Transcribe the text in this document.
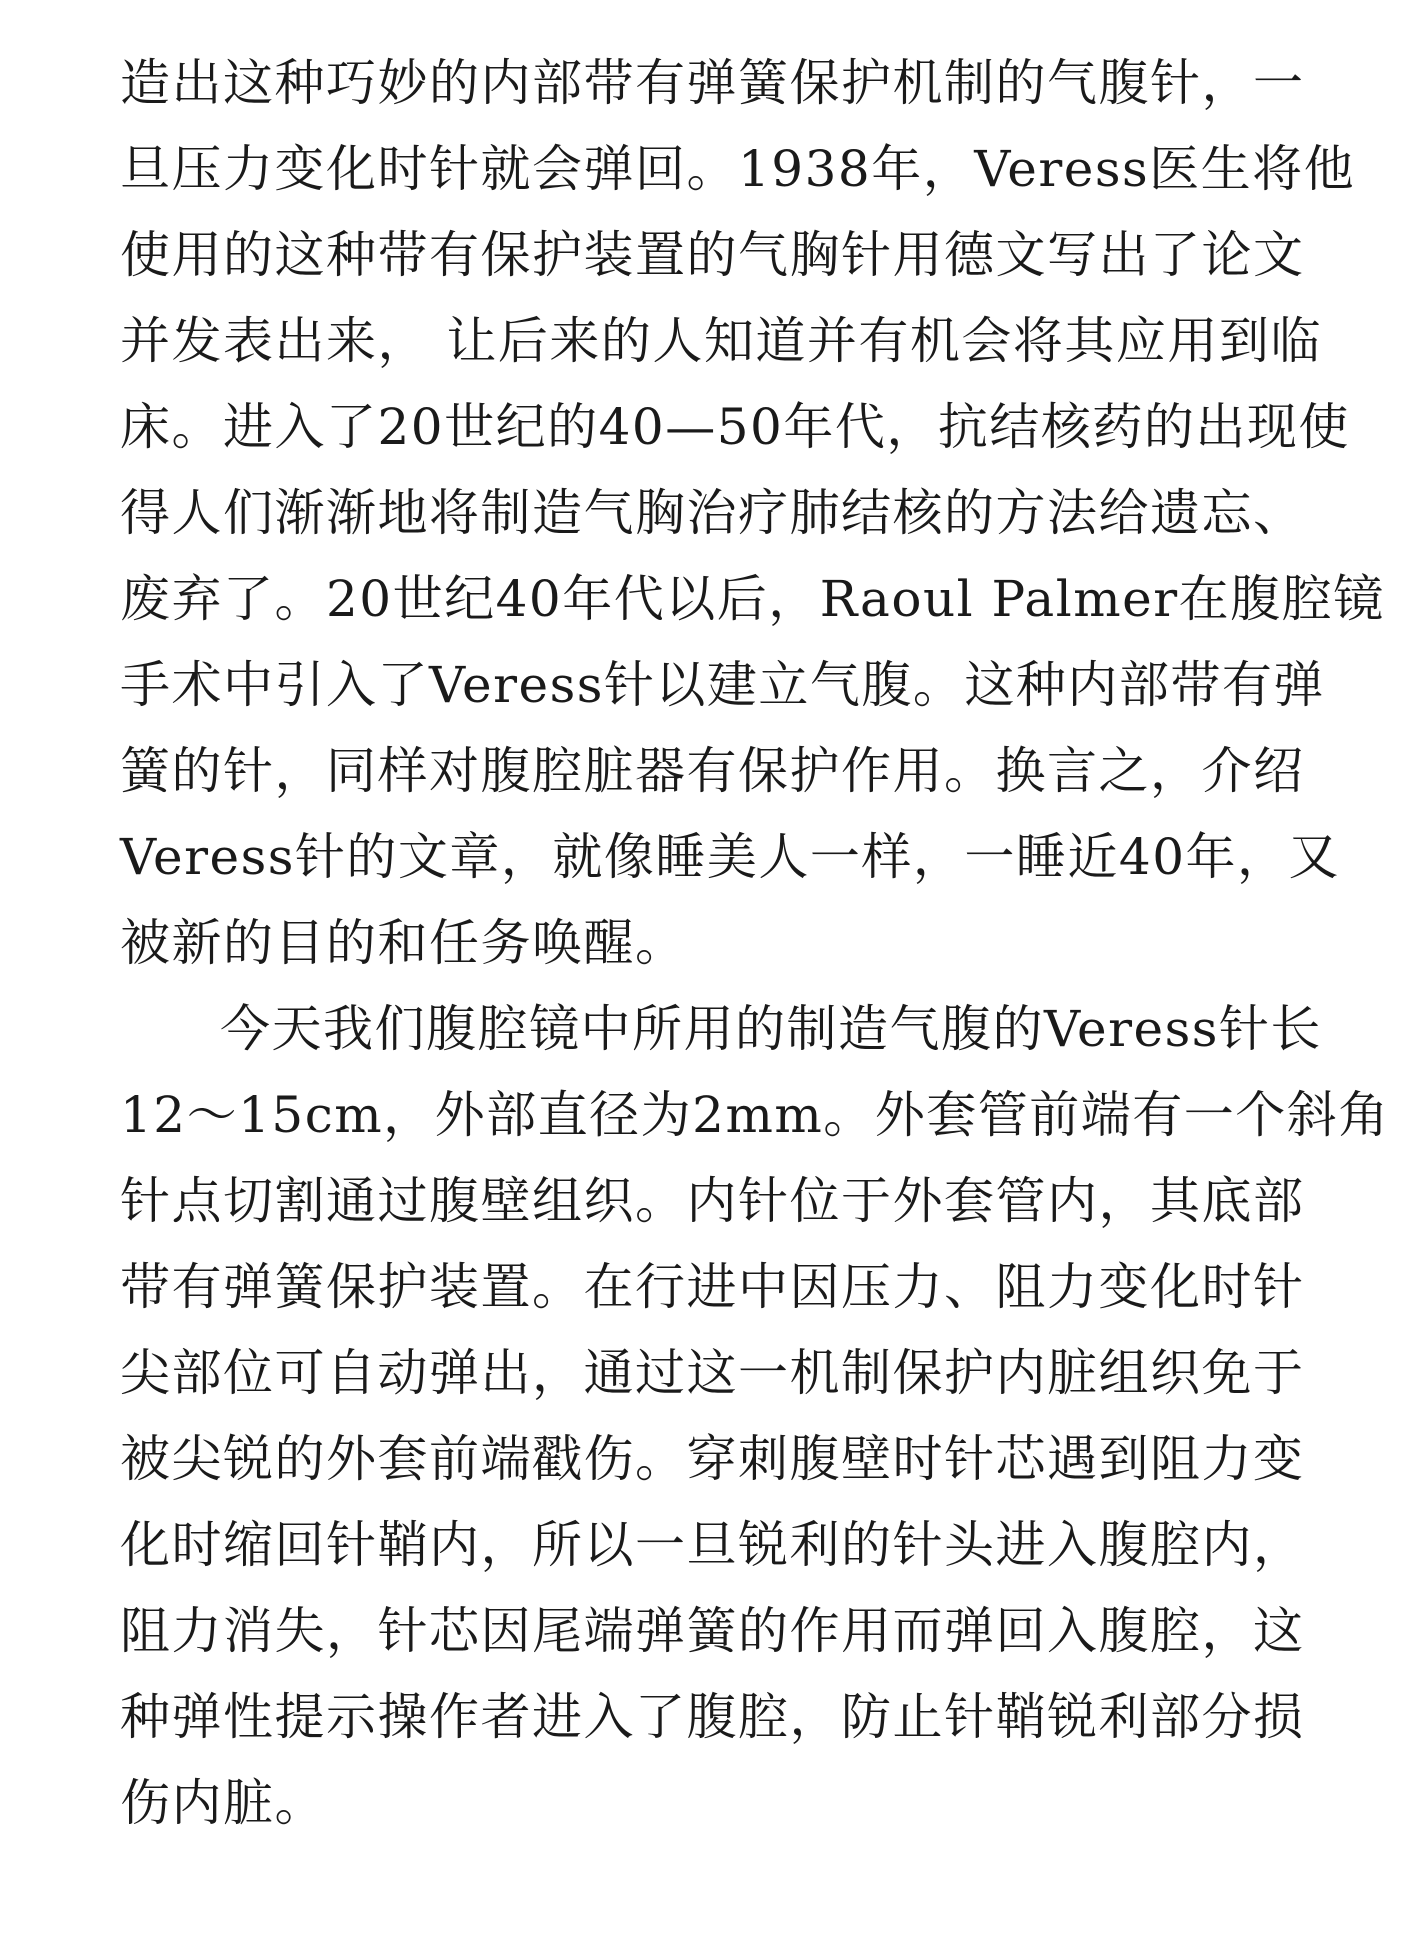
造出这种巧妙的内部带有弹簧保护机制的气腹针，一
旦压力变化时针就会弹回。1938年，Veress医生将他
使用的这种带有保护装置的气胸针用德文写出了论文
并发表出来， 让后来的人知道并有机会将其应用到临
床。进入了20世纪的40—50年代，抗结核药的出现使
得人们渐渐地将制造气胸治疗肺结核的方法给遗忘、
废弃了。20世纪40年代以后，Raoul Palmer在腹腔镜
手术中引入了Veress针以建立气腹。这种内部带有弹
簧的针，同样对腹腔脏器有保护作用。换言之，介绍
Veress针的文章，就像睡美人一样，一睡近40年，又
被新的目的和任务唤醒。
今天我们腹腔镜中所用的制造气腹的Veress针长
12～15cm，外部直径为2mm。外套管前端有一个斜角
针点切割通过腹壁组织。内针位于外套管内，其底部
带有弹簧保护装置。在行进中因压力、阻力变化时针
尖部位可自动弹出，通过这一机制保护内脏组织免于
被尖锐的外套前端戳伤。穿刺腹壁时针芯遇到阻力变
化时缩回针鞘内，所以一旦锐利的针头进入腹腔内，
阻力消失，针芯因尾端弹簧的作用而弹回入腹腔，这
种弹性提示操作者进入了腹腔，防止针鞘锐利部分损
伤内脏。
